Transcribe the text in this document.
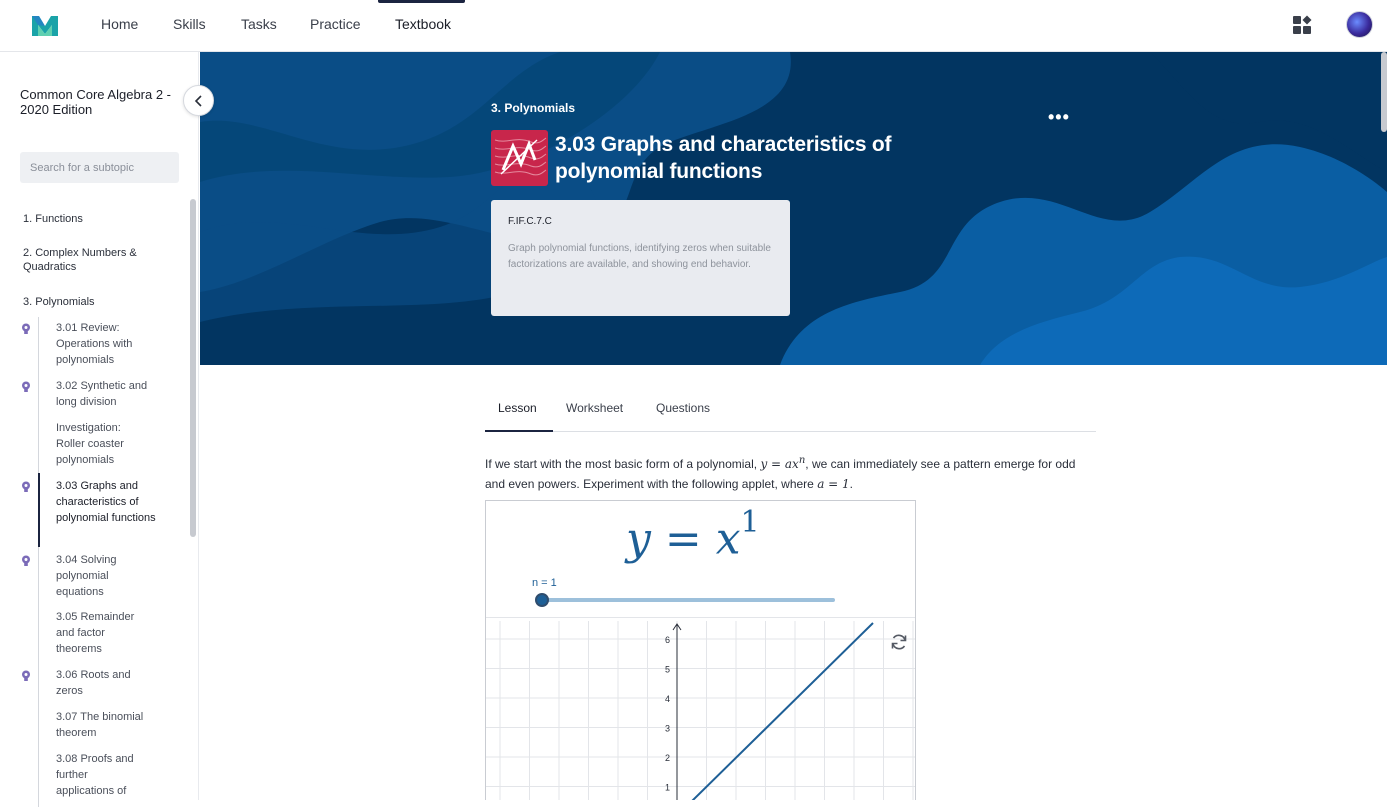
Home Skills	Tasks Practice Textbook
Common Core Algebra 2 - 2020 Edition
Search for a subtopic
1. Functions
2. Complex Numbers & Quadratics
3. Polynomials
3.01 Review: Operations with polynomials
3.02 Synthetic and long division
Investigation: Roller coaster polynomials
3.03 Graphs and characteristics of polynomial functions
3.04 Solving polynomial equations
3.05 Remainder and factor theorems
3.06 Roots and zeros
3.07 The binomial theorem
3.08 Proofs and further applications of
3. Polynomials
3.03 Graphs and characteristics of polynomial functions
•••
F.IF.C.7.C
Graph polynomial functions, identifying zeros when suitable factorizations are available, and showing end behavior.
Lesson Worksheet	Questions
If we start with the most basic form of a polynomial, $y = ax^n$, we can immediately see a pattern emerge for odd and even powers. Experiment with the following applet, where a = 1.
$y = x^1$
n = 1
6
5
4
3
2
1
